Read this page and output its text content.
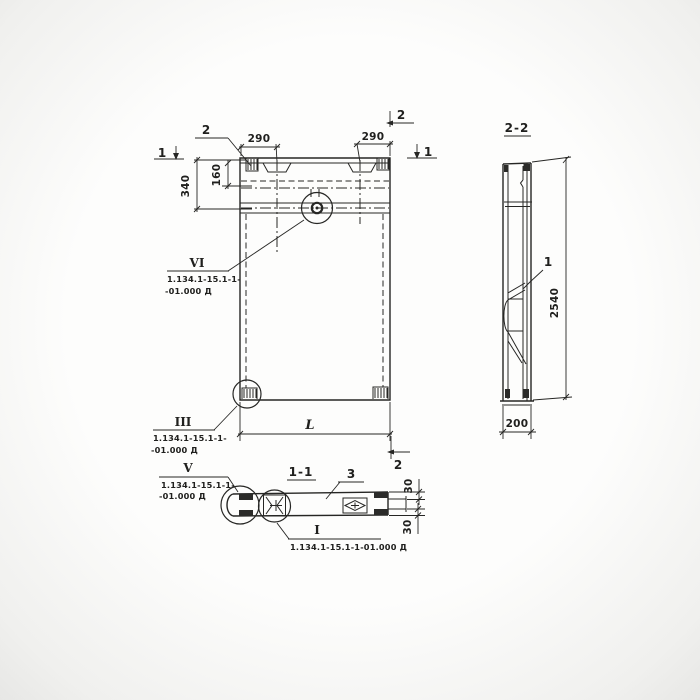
290	290
340 160
L
1	1
2
2
2
VI
1.134.1-15.1-1-
-01.000 Д
III
1.134.1-15.1-1-
-01.000 Д
2-2
1
2540
200
1-1	3
30
30
V
1.134.1-15.1-1-
-01.000 Д
I
1.134.1-15.1-1-01.000 Д
